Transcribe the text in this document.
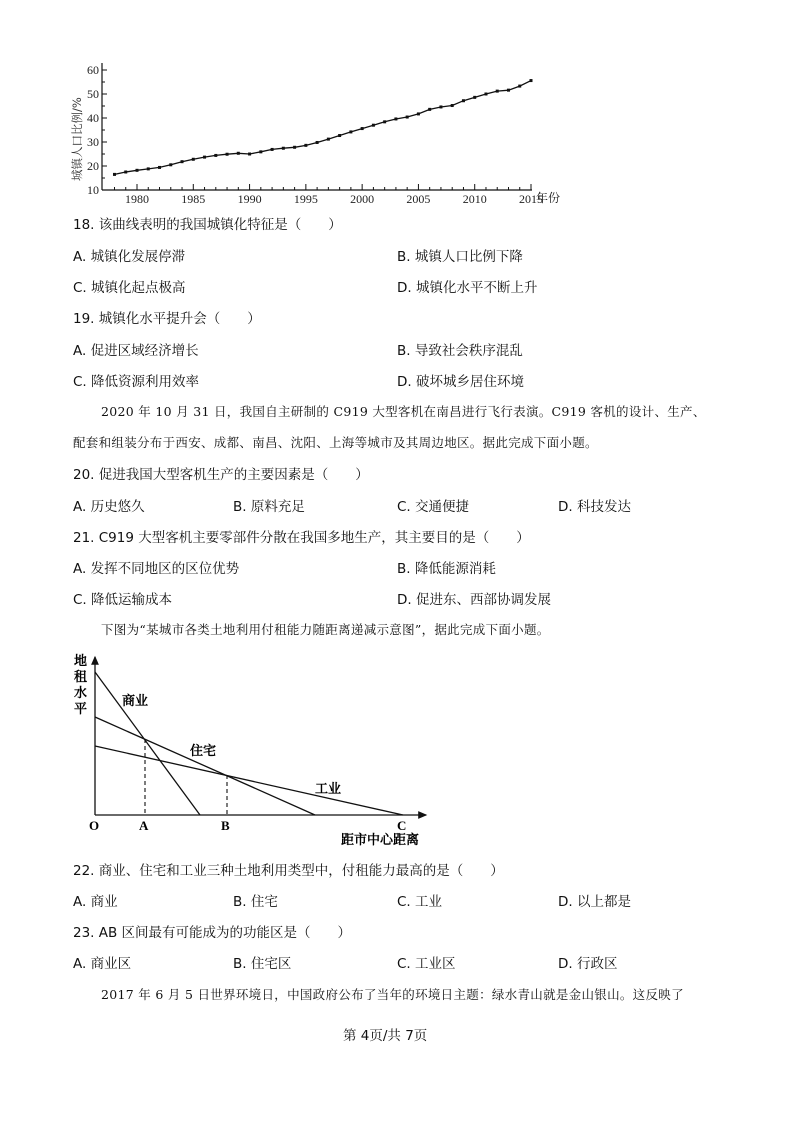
10
20
30
40
50
60
1980	1985	1990	1995	2000	2005	2010	2015
城镇人口比例/%
年份
18. 该曲线表明的我国城镇化特征是（　　）
A. 城镇化发展停滞	B. 城镇人口比例下降
C. 城镇化起点极高	D. 城镇化水平不断上升
19. 城镇化水平提升会（　　）
A. 促进区域经济增长	B. 导致社会秩序混乱
C. 降低资源利用效率	D. 破坏城乡居住环境
2020 年 10 月 31 日，我国自主研制的 C919 大型客机在南昌进行飞行表演。C919 客机的设计、生产、
配套和组装分布于西安、成都、南昌、沈阳、上海等城市及其周边地区。据此完成下面小题。
20. 促进我国大型客机生产的主要因素是（　　）
A. 历史悠久	B. 原料充足	C. 交通便捷	D. 科技发达
21. C919 大型客机主要零部件分散在我国多地生产，其主要目的是（　　）
A. 发挥不同地区的区位优势	B. 降低能源消耗
C. 降低运输成本	D. 促进东、西部协调发展
下图为“某城市各类土地利用付租能力随距离递减示意图”，据此完成下面小题。
地
租
水
平
商业
住宅
工业
O	A	B	C
距市中心距离
22. 商业、住宅和工业三种土地利用类型中，付租能力最高的是（　　）
A. 商业	B. 住宅	C. 工业	D. 以上都是
23. AB 区间最有可能成为的功能区是（　　）
A. 商业区	B. 住宅区	C. 工业区	D. 行政区
2017 年 6 月 5 日世界环境日，中国政府公布了当年的环境日主题：绿水青山就是金山银山。这反映了
第 4页/共 7页
